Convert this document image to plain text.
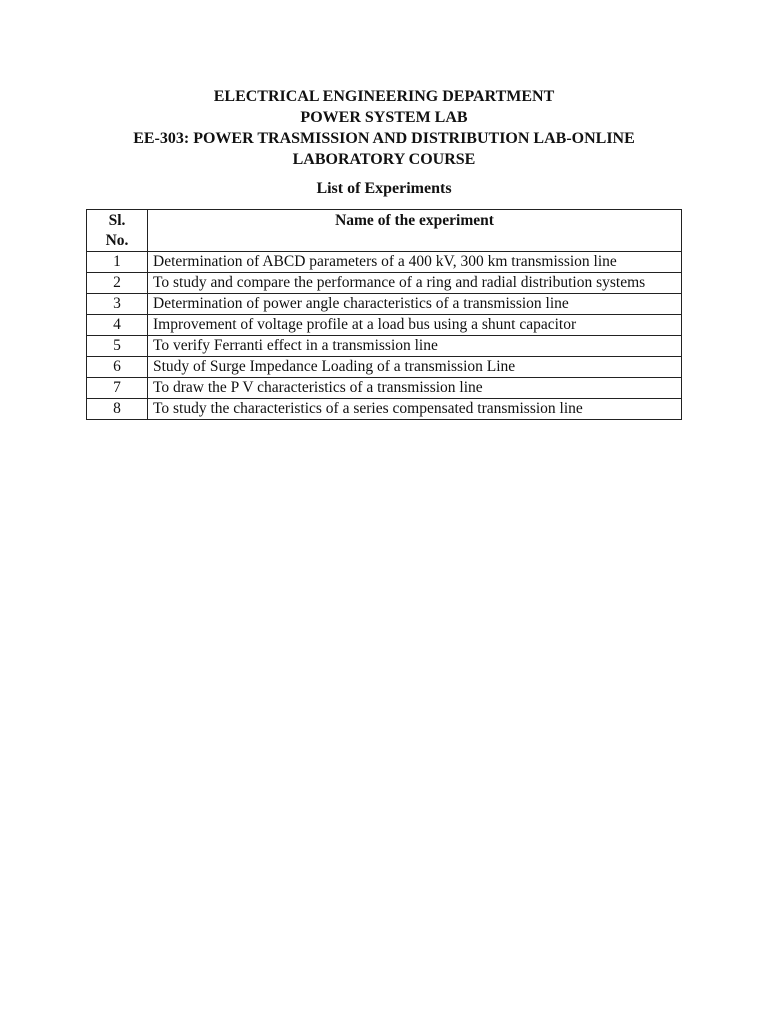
ELECTRICAL ENGINEERING DEPARTMENT
POWER SYSTEM LAB
EE-303: POWER TRASMISSION AND DISTRIBUTION LAB-ONLINE
LABORATORY COURSE
List of Experiments
Sl.
No.	Name of the experiment
1	Determination of ABCD parameters of a 400 kV, 300 km transmission line
2	To study and compare the performance of a ring and radial distribution systems
3	Determination of power angle characteristics of a transmission line
4	Improvement of voltage profile at a load bus using a shunt capacitor
5	To verify Ferranti effect in a transmission line
6	Study of Surge Impedance Loading of a transmission Line
7	To draw the P V characteristics of a transmission line
8	To study the characteristics of a series compensated transmission line
